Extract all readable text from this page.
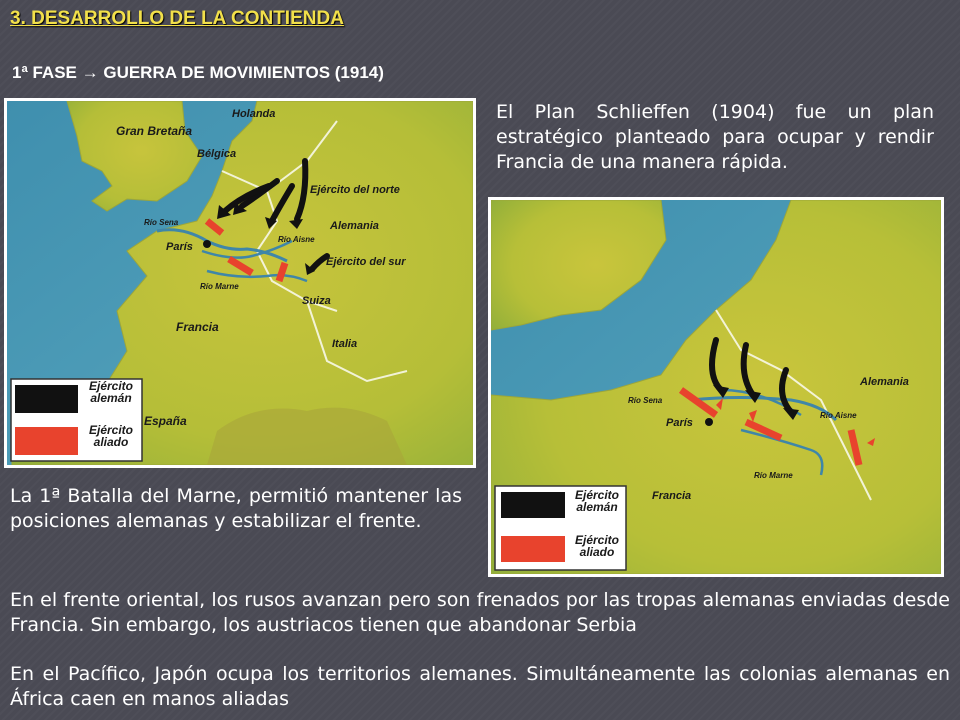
3. DESARROLLO DE LA CONTIENDA
1ª FASE → GUERRA DE MOVIMIENTOS (1914)
Gran Bretaña
Holanda
Bélgica
Ejército del norte
Alemania
Río Sena
París
Río Aisne
Ejército del sur
Río Marne
Suiza
Francia
Italia
España
Ejército
alemán
Ejército
aliado
El Plan Schlieffen (1904) fue un plan estratégico planteado para ocupar y rendir Francia de una manera rápida.
Alemania
Río Sena
París
Río Aisne
Río Marne
Francia
Ejército
alemán
Ejército
aliado
La 1ª Batalla del Marne, permitió mantener las posiciones alemanas y estabilizar el frente.
En el frente oriental, los rusos avanzan pero son frenados por las tropas alemanas enviadas desde Francia. Sin embargo, los austriacos tienen que abandonar Serbia
En el Pacífico, Japón ocupa los territorios alemanes. Simultáneamente las colonias alemanas en África caen en manos aliadas
